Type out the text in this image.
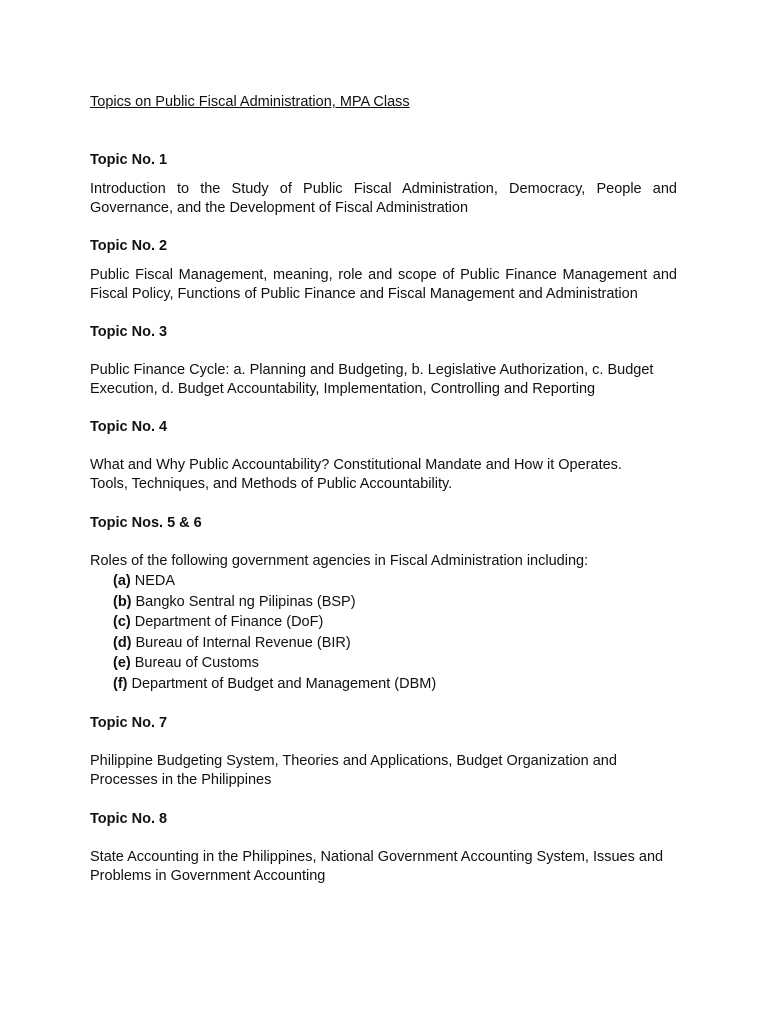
Topics on Public Fiscal Administration, MPA Class

Topic No. 1

Introduction to the Study of Public Fiscal Administration, Democracy, People and Governance, and the Development of Fiscal Administration

Topic No. 2

Public Fiscal Management, meaning, role and scope of Public Finance Management and Fiscal Policy, Functions of Public Finance and Fiscal Management and Administration

Topic No. 3

Public Finance Cycle: a. Planning and Budgeting, b. Legislative Authorization, c. Budget Execution, d. Budget Accountability, Implementation, Controlling and Reporting

Topic No. 4

What and Why Public Accountability? Constitutional Mandate and How it Operates.

Tools, Techniques, and Methods of Public Accountability.

Topic Nos. 5 & 6

Roles of the following government agencies in Fiscal Administration including:

(a) NEDA
(b) Bangko Sentral ng Pilipinas (BSP)
(c) Department of Finance (DoF)
(d) Bureau of Internal Revenue (BIR)
(e) Bureau of Customs
(f) Department of Budget and Management (DBM)

Topic No. 7

Philippine Budgeting System, Theories and Applications, Budget Organization and Processes in the Philippines

Topic No. 8

State Accounting in the Philippines, National Government Accounting System, Issues and Problems in Government Accounting
